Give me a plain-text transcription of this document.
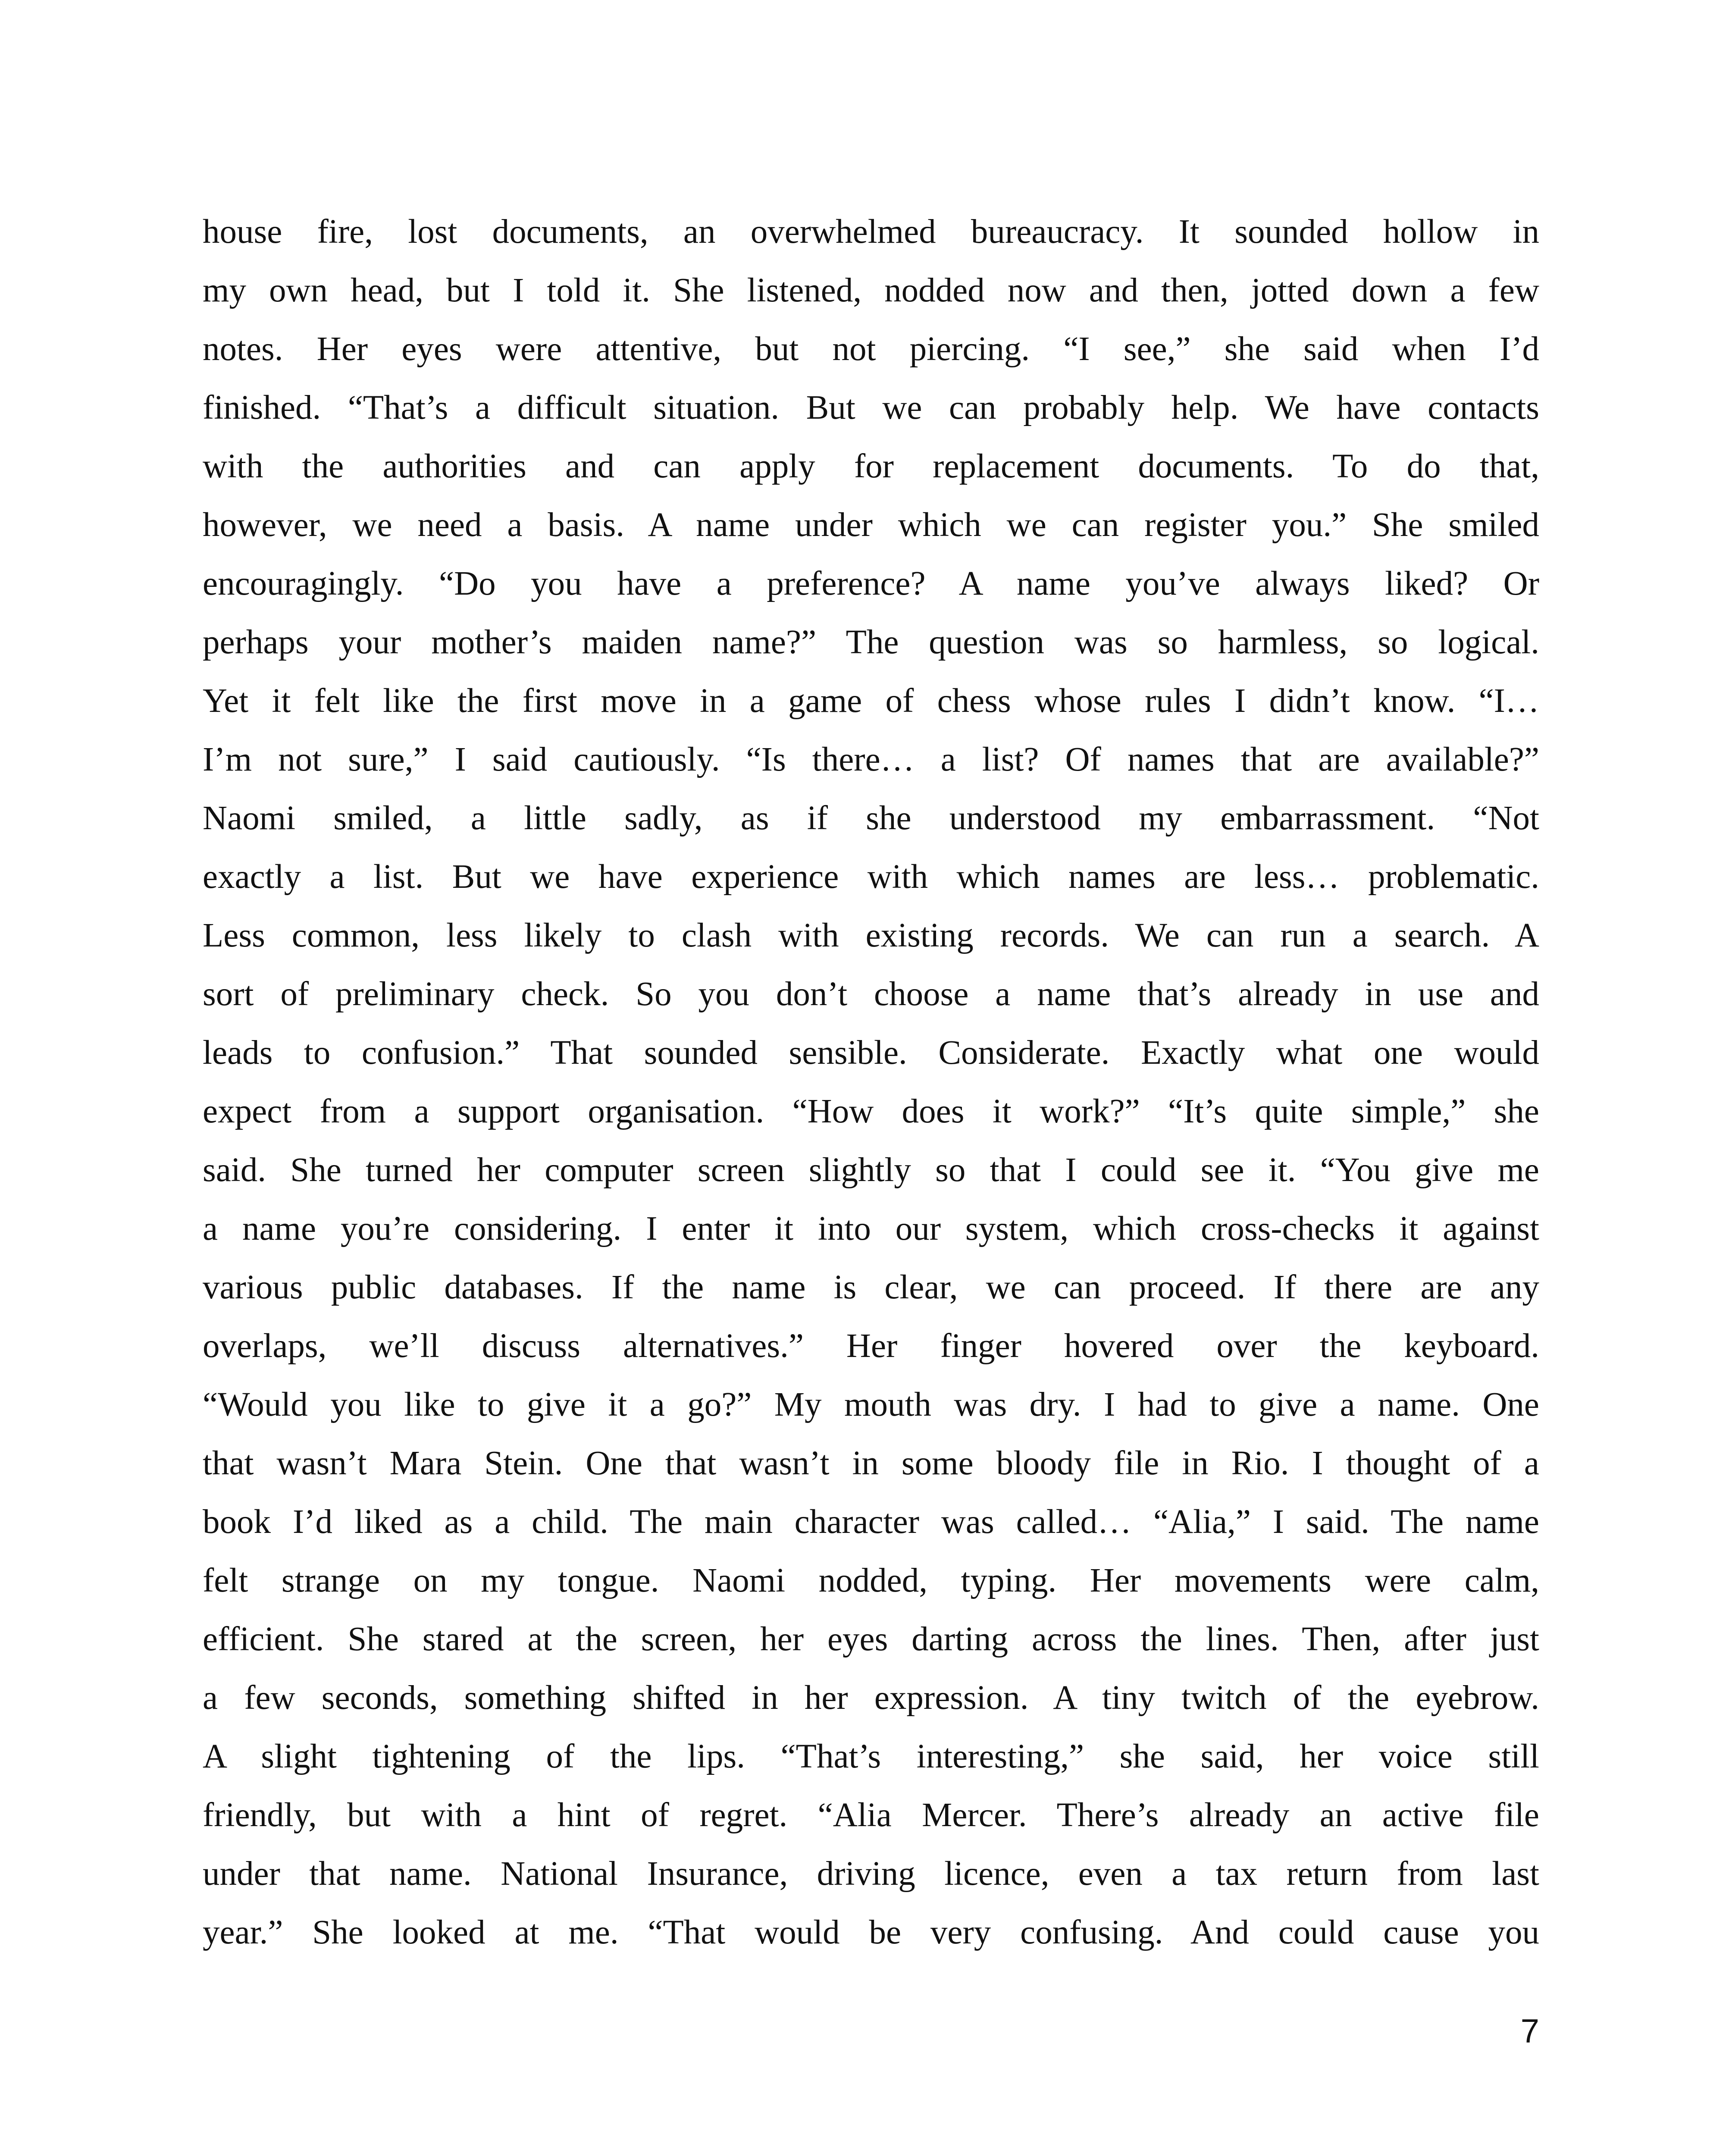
house fire, lost documents, an overwhelmed bureaucracy. It sounded hollow in
my own head, but I told it. She listened, nodded now and then, jotted down a few
notes. Her eyes were attentive, but not piercing. “I see,” she said when I’d
finished. “That’s a difficult situation. But we can probably help. We have contacts
with the authorities and can apply for replacement documents. To do that,
however, we need a basis. A name under which we can register you.” She smiled
encouragingly. “Do you have a preference? A name you’ve always liked? Or
perhaps your mother’s maiden name?” The question was so harmless, so logical.
Yet it felt like the first move in a game of chess whose rules I didn’t know. “I…
I’m not sure,” I said cautiously. “Is there… a list? Of names that are available?”
Naomi smiled, a little sadly, as if she understood my embarrassment. “Not
exactly a list. But we have experience with which names are less… problematic.
Less common, less likely to clash with existing records. We can run a search. A
sort of preliminary check. So you don’t choose a name that’s already in use and
leads to confusion.” That sounded sensible. Considerate. Exactly what one would
expect from a support organisation. “How does it work?” “It’s quite simple,” she
said. She turned her computer screen slightly so that I could see it. “You give me
a name you’re considering. I enter it into our system, which cross-checks it against
various public databases. If the name is clear, we can proceed. If there are any
overlaps, we’ll discuss alternatives.” Her finger hovered over the keyboard.
“Would you like to give it a go?” My mouth was dry. I had to give a name. One
that wasn’t Mara Stein. One that wasn’t in some bloody file in Rio. I thought of a
book I’d liked as a child. The main character was called… “Alia,” I said. The name
felt strange on my tongue. Naomi nodded, typing. Her movements were calm,
efficient. She stared at the screen, her eyes darting across the lines. Then, after just
a few seconds, something shifted in her expression. A tiny twitch of the eyebrow.
A slight tightening of the lips. “That’s interesting,” she said, her voice still
friendly, but with a hint of regret. “Alia Mercer. There’s already an active file
under that name. National Insurance, driving licence, even a tax return from last
year.” She looked at me. “That would be very confusing. And could cause you
7
